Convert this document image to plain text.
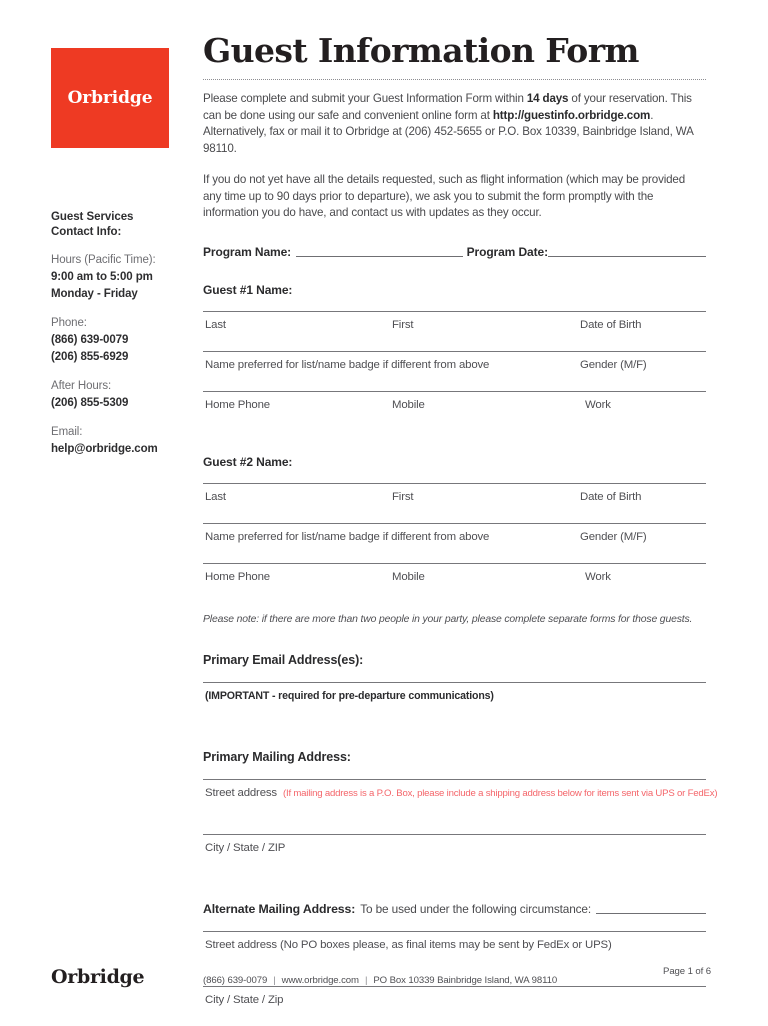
Orbridge
Guest Services
Contact Info:
Hours (Pacific Time):
9:00 am to 5:00 pm
Monday - Friday
Phone:
(866) 639-0079
(206) 855-6929
After Hours:
(206) 855-5309
Email:
help@orbridge.com
Guest Information Form

Please complete and submit your Guest Information Form within 14 days of your reservation. This can be done using our safe and convenient online form at http://guestinfo.orbridge.com. Alternatively, fax or mail it to Orbridge at (206) 452-5655 or P.O. Box 10339, Bainbridge Island, WA 98110.

If you do not yet have all the details requested, such as flight information (which may be provided any time up to 90 days prior to departure), we ask you to submit the form promptly with the information you do have, and contact us with updates as they occur.

Program Name:	Program Date:
Guest #1 Name:
Last	First	Date of Birth
Name preferred for list/name badge if different from above	Gender (M/F)
Home Phone	Mobile	Work
Guest #2 Name:
Last	First	Date of Birth
Name preferred for list/name badge if different from above	Gender (M/F)
Home Phone	Mobile	Work
Please note: if there are more than two people in your party, please complete separate forms for those guests.
Primary Email Address(es):
(IMPORTANT - required for pre-departure communications)
Primary Mailing Address:
Street address (If mailing address is a P.O. Box, please include a shipping address below for items sent via UPS or FedEx)
City / State / ZIP
Alternate Mailing Address: To be used under the following circumstance:
Street address (No PO boxes please, as final items may be sent by FedEx or UPS)
City / State / Zip
Orbridge	(866) 639-0079 | www.orbridge.com | PO Box 10339 Bainbridge Island, WA 98110
Page 1 of 6
